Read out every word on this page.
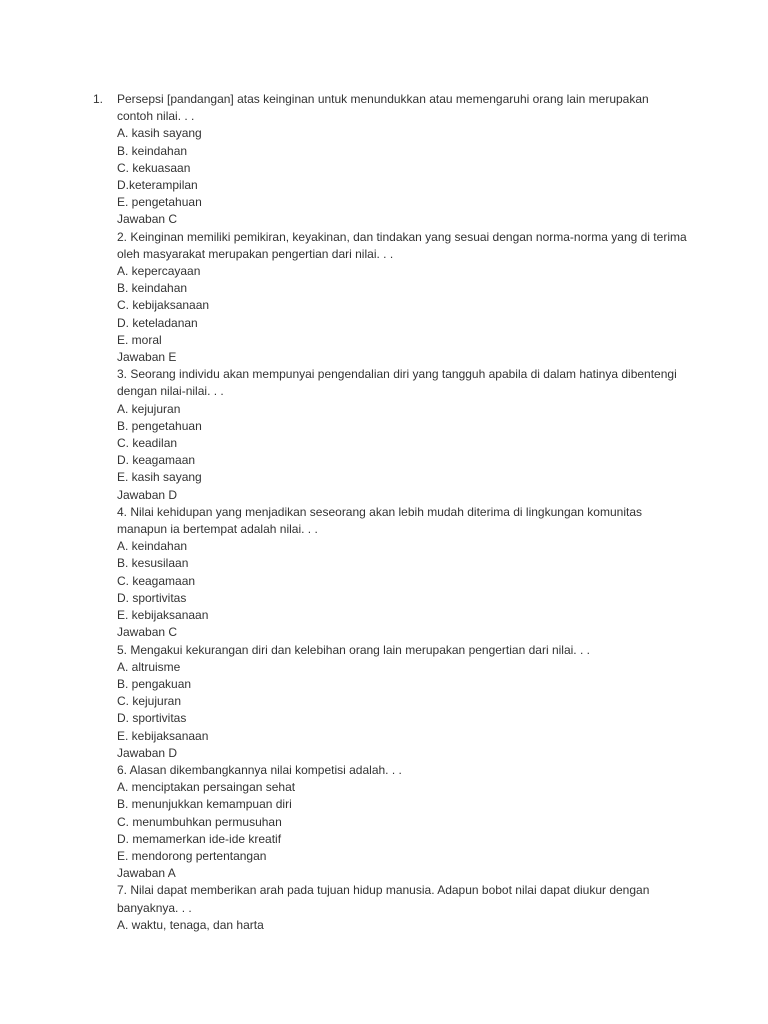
1. Persepsi [pandangan] atas keinginan untuk menundukkan atau memengaruhi orang lain merupakan contoh nilai. . .
A. kasih sayang
B. keindahan
C. kekuasaan
D.keterampilan
E. pengetahuan
Jawaban C
2. Keinginan memiliki pemikiran, keyakinan, dan tindakan yang sesuai dengan norma-norma yang di terima oleh masyarakat merupakan pengertian dari nilai. . .
A. kepercayaan
B. keindahan
C. kebijaksanaan
D. keteladanan
E. moral
Jawaban E
3. Seorang individu akan mempunyai pengendalian diri yang tangguh apabila di dalam hatinya dibentengi dengan nilai-nilai. . .
A. kejujuran
B. pengetahuan
C. keadilan
D. keagamaan
E. kasih sayang
Jawaban D
4. Nilai kehidupan yang menjadikan seseorang akan lebih mudah diterima di lingkungan komunitas manapun ia bertempat adalah nilai. . .
A. keindahan
B. kesusilaan
C. keagamaan
D. sportivitas
E. kebijaksanaan
Jawaban C
5. Mengakui kekurangan diri dan kelebihan orang lain merupakan pengertian dari nilai. . .
A. altruisme
B. pengakuan
C. kejujuran
D. sportivitas
E. kebijaksanaan
Jawaban D
6. Alasan dikembangkannya nilai kompetisi adalah. . .
A. menciptakan persaingan sehat
B. menunjukkan kemampuan diri
C. menumbuhkan permusuhan
D. memamerkan ide-ide kreatif
E. mendorong pertentangan
Jawaban A
7. Nilai dapat memberikan arah pada tujuan hidup manusia. Adapun bobot nilai dapat diukur dengan banyaknya. . .
A. waktu, tenaga, dan harta
